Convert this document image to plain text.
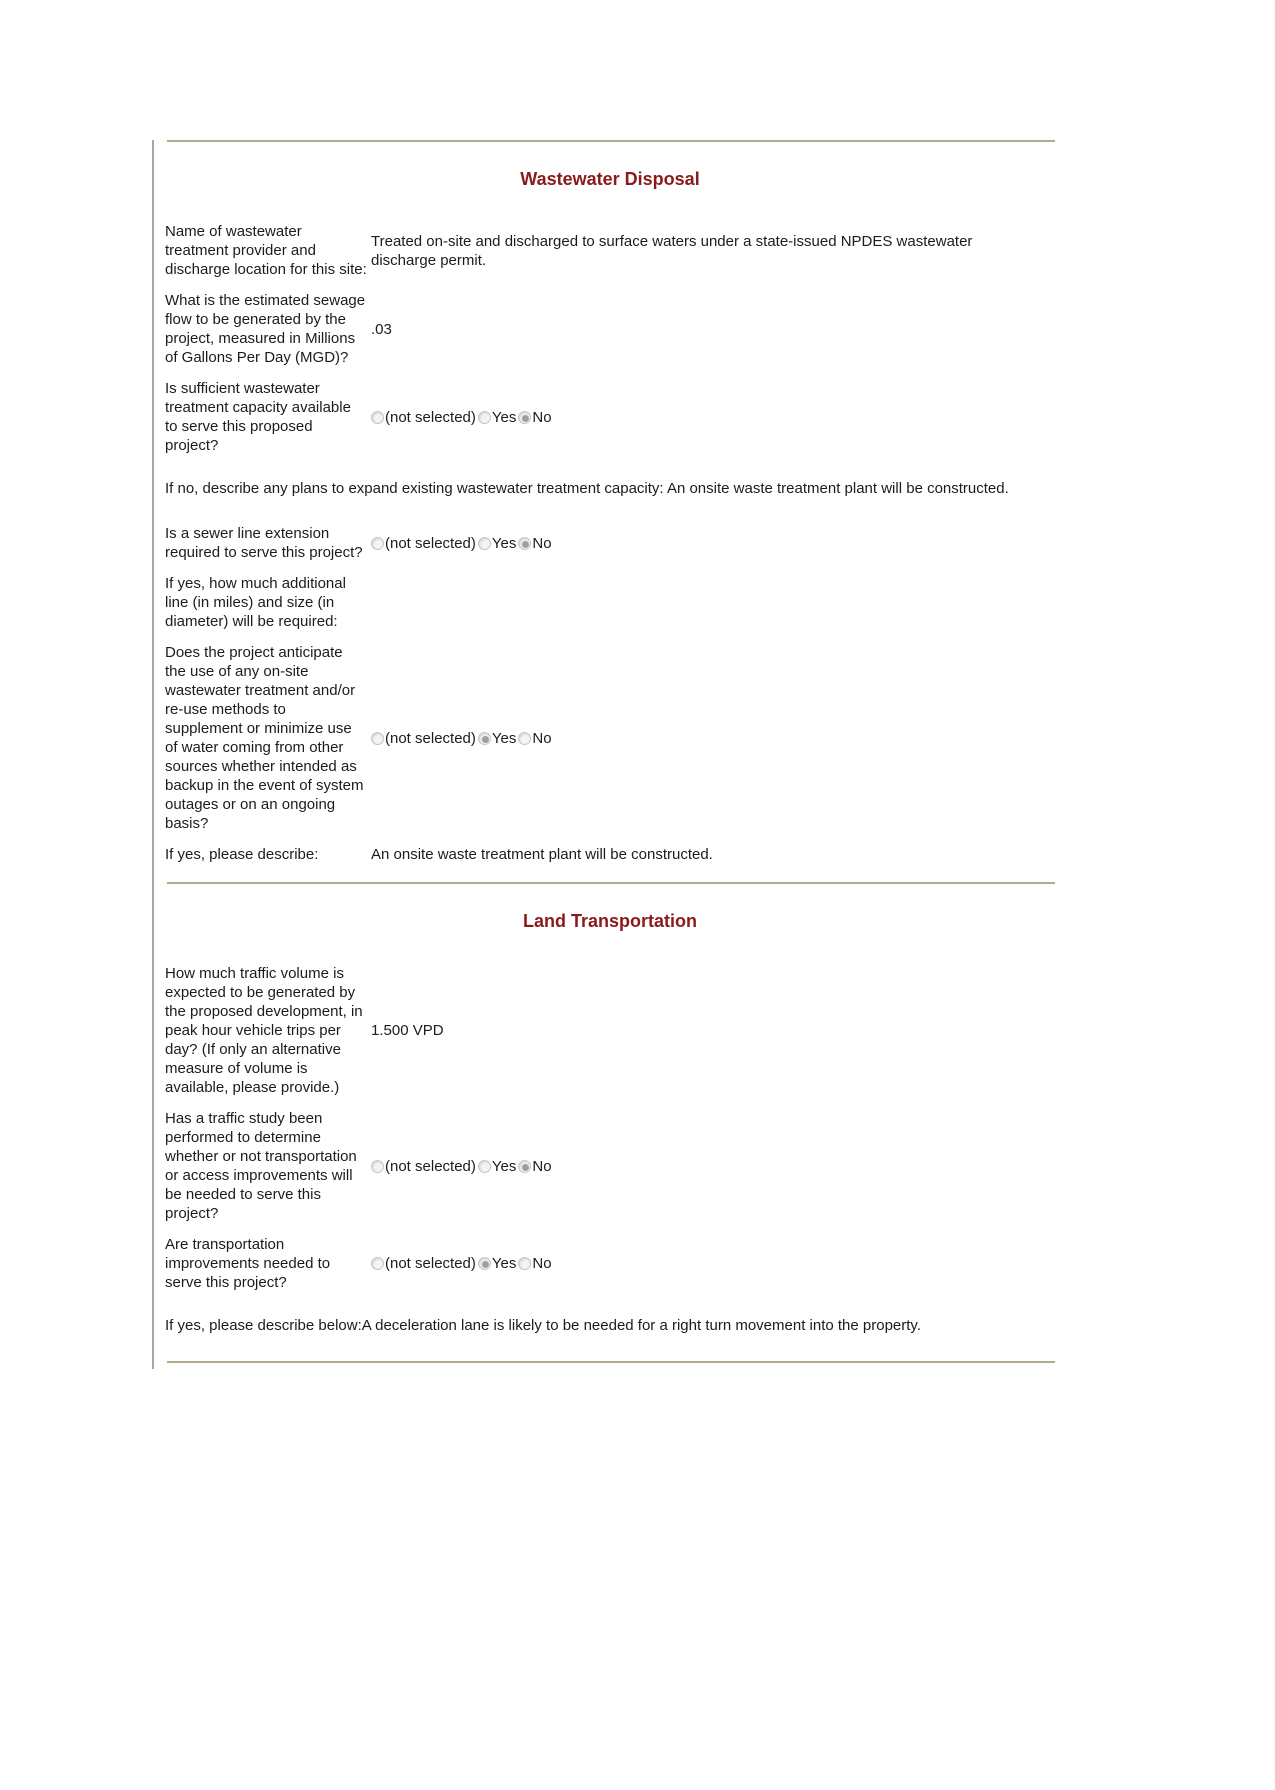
Wastewater Disposal
Name of wastewater treatment provider and discharge location for this site:
Treated on-site and discharged to surface waters under a state-issued NPDES wastewater discharge permit.
What is the estimated sewage flow to be generated by the project, measured in Millions of Gallons Per Day (MGD)?
.03
Is sufficient wastewater treatment capacity available to serve this proposed project?
(not selected) Yes No

If no, describe any plans to expand existing wastewater treatment capacity: An onsite waste treatment plant will be constructed.

Is a sewer line extension required to serve this project?
(not selected) Yes No
If yes, how much additional line (in miles) and size (in diameter) will be required:
Does the project anticipate the use of any on-site wastewater treatment and/or re-use methods to supplement or minimize use of water coming from other sources whether intended as backup in the event of system outages or on an ongoing basis?
(not selected) Yes No
If yes, please describe:	An onsite waste treatment plant will be constructed.
Land Transportation
How much traffic volume is expected to be generated by the proposed development, in peak hour vehicle trips per day? (If only an alternative measure of volume is available, please provide.)
1.500 VPD
Has a traffic study been performed to determine whether or not transportation or access improvements will be needed to serve this project?
(not selected) Yes No
Are transportation improvements needed to serve this project?
(not selected) Yes No

If yes, please describe below:A deceleration lane is likely to be needed for a right turn movement into the property.
